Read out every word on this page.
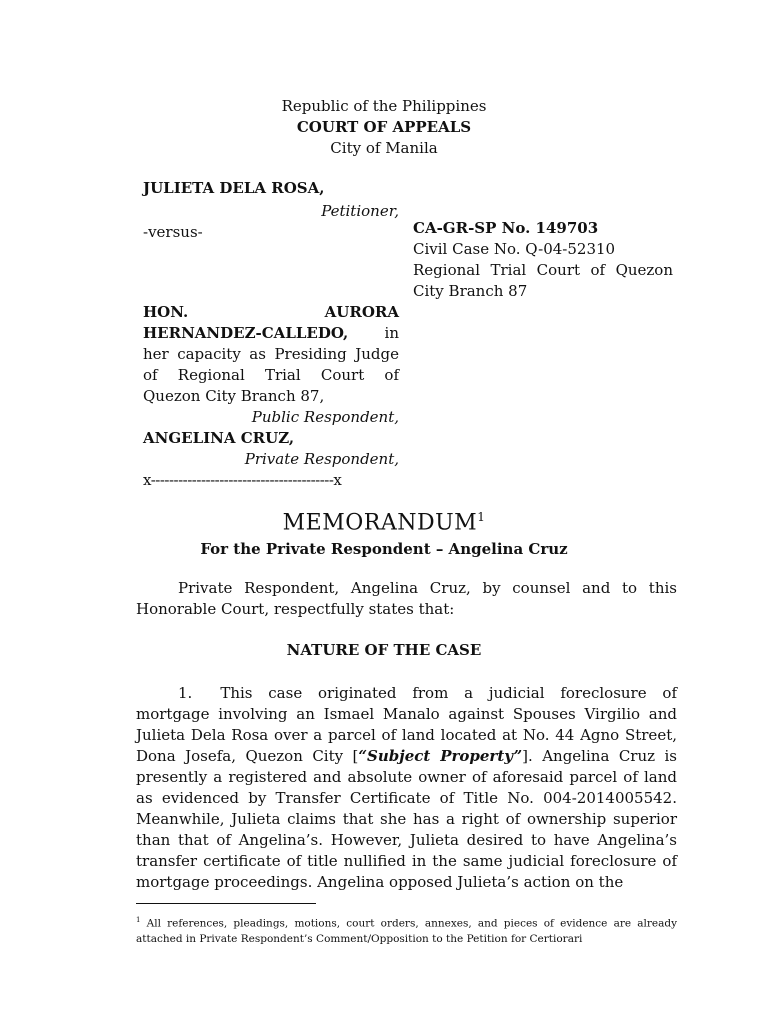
Republic of the Philippines
COURT OF APPEALS
City of Manila
JULIETA DELA ROSA,
Petitioner,
-versus-
HON. AURORA
HERNANDEZ-CALLEDO, in
her capacity as Presiding Judge
of Regional Trial Court of
Quezon City Branch 87,
Public Respondent,
ANGELINA CRUZ,
Private Respondent,
x----------------------------------------x
CA-GR-SP No. 149703
Civil Case No. Q-04-52310
Regional Trial Court of Quezon
City Branch 87
MEMORANDUM$^1$
For the Private Respondent – Angelina Cruz
Private Respondent, Angelina Cruz, by counsel and to this Honorable Court, respectfully states that:
NATURE OF THE CASE
1. This case originated from a judicial foreclosure of mortgage involving an Ismael Manalo against Spouses Virgilio and Julieta Dela Rosa over a parcel of land located at No. 44 Agno Street, Dona Josefa, Quezon City [“Subject Property”]. Angelina Cruz is presently a registered and absolute owner of aforesaid parcel of land as evidenced by Transfer Certificate of Title No. 004-2014005542. Meanwhile, Julieta claims that she has a right of ownership superior than that of Angelina’s. However, Julieta desired to have Angelina’s transfer certificate of title nullified in the same judicial foreclosure of mortgage proceedings. Angelina opposed Julieta’s action on the
$^1$ All references, pleadings, motions, court orders, annexes, and pieces of evidence are already attached in Private Respondent’s Comment/Opposition to the Petition for Certiorari
